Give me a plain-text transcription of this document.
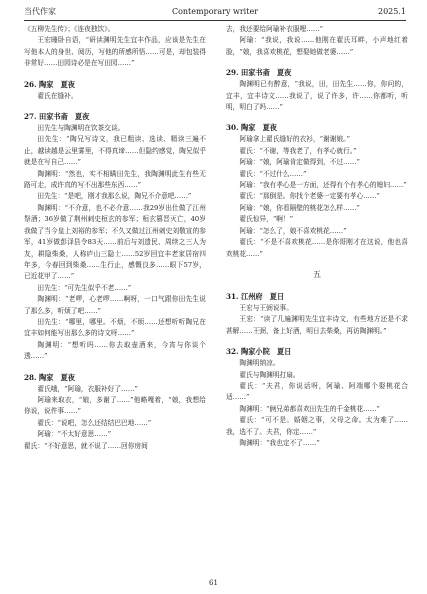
当代作家	Contemporary writer	2025.1

《五柳先生传》；《连夜独饮》。

王宏睡卧自语，“研读渊明先生宜丰作品，应该是先生在写他本人的身世、阅历，写他的所感所悟……可是，却包装得非常好……田园诗必是在写田园……”

26. 陶家　夏夜

翟氏在缝补。

27. 田家书斋　夏夜

田先生与陶渊明在饮茶交谈。

田先生：“陶兄写诗文，我已粗读、选读、精读三遍不止，越读越是云里雾里，不得真谛……但隐约感觉，陶兄似乎就是在写自己……”

陶渊明：“然也，实不相瞒田先生，我陶渊明此生有些无路可走，成许真的写不出那些东西……”

田先生：“是吧，刚才我那么说，陶兄不介意吧……”

陶渊明：“不介意，也不必介意……我29岁出仕做了江州祭酒；36岁做了荆州刺史桓玄的参军；桓玄篡晋灭亡，40岁我做了当今皇上刘裕的参军；不久又做过江州刺史刘敬宣的参军，41岁做彭泽县令83天……前后与刘遗民、周续之三人为友，耕隐柴桑，人称庐山三隐士……52岁回宜丰老家居宿四年多，今春回到柴桑……生行止，感慨良多……眼下57岁，已近花甲了……”

田先生：“可先生似乎不老……”

陶渊明：“老啰，心老啰……啊呀，一口气跟你田先生说了那么多，听烦了吧……”

田先生：“哪里，哪里。不烦，不烦……还想听听陶兄在宜丰如何能写出那么多的诗文呀……”

陶渊明：“想听吗……你去取壶酒来，今宵与你谈个透……”

28. 陶家　夏夜

翟氏哦，“阿瑜，衣服补好了……”

阿瑜来取衣，“娘，多谢了……”他略嘎着，“娘，我想给你说，说件事……”

翟氏：“说吧，怎么还结结巴巴地……”

阿瑜：“不太好意思……”

翟氏：“不好意思，就不说了……回你房间

去，我还要给阿瑜补衣服哩……”

阿瑜：“我说，我说……他刚在翟氏耳畔，小声地红着脸，“娘，我喜欢桃花，想娶她做老婆……”

29. 田家书斋　夏夜

陶渊明已有醉意，“我说，田，田先生……你，你问的，宜丰，宜丰诗文……我说了，说了许多，许……你都听，听明，明白了吗……”

30. 陶家　夏夜

阿瑜拿上翟氏缝好的衣衫，“谢谢娘。”

翟氏：“不谢，等我老了，有孝心就行。”

阿瑜：“娘，阿瑜肯定做得到，不过……”

翟氏：“不过什么……”

阿瑜：“我有孝心是一方面，还得有个有孝心的媳妇……”

翟氏：“那倒是。你找个老婆一定要有孝心……”

阿瑜：“娘，你看隔壁的桃花怎么样……”

翟氏惊异，“啊！”

阿瑜：“怎么了，娘不喜欢桃花……”

翟氏：“不是不喜欢桃花……是你哥刚才在这说，他也喜欢桃花……”

五

31. 江州府　夏日

王宏与王弼说事。

王宏：“读了几遍渊明先生宜丰诗文，有些地方还是不求甚解……王弼，备上好酒，明日去柴桑，再访陶渊明。”

32. 陶家小院　夏日

陶渊明纳凉。

翟氏与陶渊明打扇。

翟氏：“夫君，你说话呀，阿瑜、阿端哪个娶桃花合适……”

陶渊明：“俩兄弟都喜欢田先生的千金桃花……”

翟氏：“可不是。婚姻之事，父母之命。太为难了……我，选不了。夫君，你定……”

陶渊明：“我也定不了……”

61
